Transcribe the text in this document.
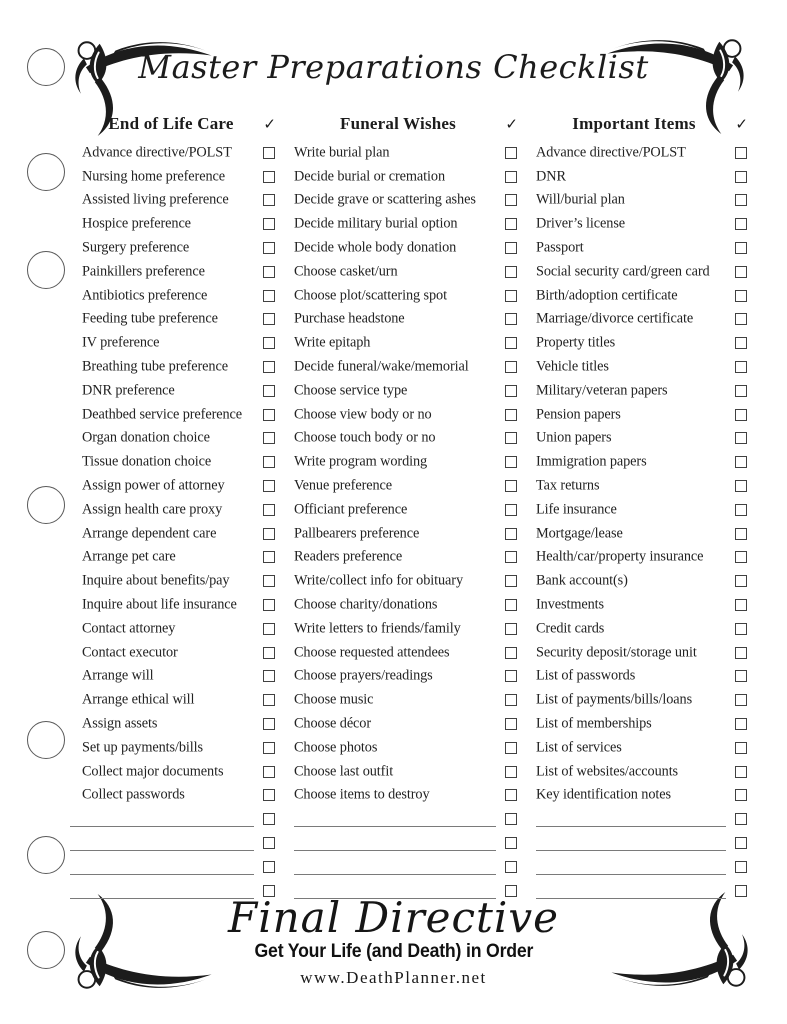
Master Preparations Checklist
End of Life Care	✓
Advance directive/POLST
Nursing home preference
Assisted living preference
Hospice preference
Surgery preference
Painkillers preference
Antibiotics preference
Feeding tube preference
IV preference
Breathing tube preference
DNR preference
Deathbed service preference
Organ donation choice
Tissue donation choice
Assign power of attorney
Assign health care proxy
Arrange dependent care
Arrange pet care
Inquire about benefits/pay
Inquire about life insurance
Contact attorney
Contact executor
Arrange will
Arrange ethical will
Assign assets
Set up payments/bills
Collect major documents
Collect passwords
Funeral Wishes	✓
Write burial plan
Decide burial or cremation
Decide grave or scattering ashes
Decide military burial option
Decide whole body donation
Choose casket/urn
Choose plot/scattering spot
Purchase headstone
Write epitaph
Decide funeral/wake/memorial
Choose service type
Choose view body or no
Choose touch body or no
Write program wording
Venue preference
Officiant preference
Pallbearers preference
Readers preference
Write/collect info for obituary
Choose charity/donations
Write letters to friends/family
Choose requested attendees
Choose prayers/readings
Choose music
Choose décor
Choose photos
Choose last outfit
Choose items to destroy
Important Items	✓
Advance directive/POLST
DNR
Will/burial plan
Driver’s license
Passport
Social security card/green card
Birth/adoption certificate
Marriage/divorce certificate
Property titles
Vehicle titles
Military/veteran papers
Pension papers
Union papers
Immigration papers
Tax returns
Life insurance
Mortgage/lease
Health/car/property insurance
Bank account(s)
Investments
Credit cards
Security deposit/storage unit
List of passwords
List of payments/bills/loans
List of memberships
List of services
List of websites/accounts
Key identification notes
Final Directive
Get Your Life (and Death) in Order
www.DeathPlanner.net
